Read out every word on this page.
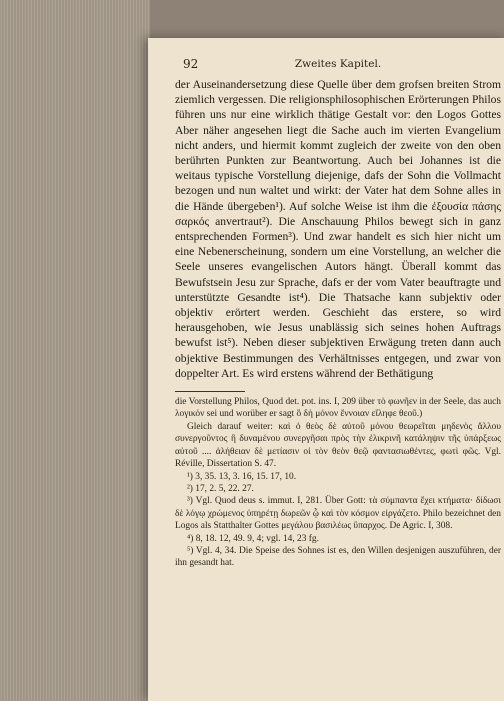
92	Zweites Kapitel.

der Auseinandersetzung diese Quelle über dem grofsen breiten Strom ziemlich vergessen. Die religionsphilosophischen Erörterungen Philos führen uns nur eine wirklich thätige Gestalt vor: den Logos Gottes Aber näher angesehen liegt die Sache auch im vierten Evangelium nicht anders, und hiermit kommt zugleich der zweite von den oben berührten Punkten zur Beantwortung. Auch bei Johannes ist die weitaus typische Vorstellung diejenige, dafs der Sohn die Vollmacht bezogen und nun waltet und wirkt: der Vater hat dem Sohne alles in die Hände übergeben¹). Auf solche Weise ist ihm die ἐξουσία πάσης σαρκός anvertraut²). Die Anschauung Philos bewegt sich in ganz entsprechenden Formen³). Und zwar handelt es sich hier nicht um eine Nebenerscheinung, sondern um eine Vorstellung, an welcher die Seele unseres evangelischen Autors hängt. Überall kommt das Bewufstsein Jesu zur Sprache, dafs er der vom Vater beauftragte und unterstützte Gesandte ist⁴). Die Thatsache kann subjektiv oder objektiv erörtert werden. Geschieht das erstere, so wird herausgehoben, wie Jesus unablässig sich seines hohen Auftrags bewufst ist⁵). Neben dieser subjektiven Erwägung treten dann auch objektive Bestimmungen des Verhältnisses entgegen, und zwar von doppelter Art. Es wird erstens während der Bethätigung

die Vorstellung Philos, Quod det. pot. ins. I, 209 über τὸ φωνῆεν in der Seele, das auch λογικόν sei und worüber er sagt ὃ δὴ μόνον ἔννοιαν εἴληφε θεοῦ.)

Gleich darauf weiter: καὶ ὁ θεὸς δὲ αὐτοῦ μόνου θεωρεῖται μηδενὸς ἄλλου συνεργοῦντος ἢ δυναμένου συνεργῆσαι πρὸς τὴν ἐλικρινῆ κατάληψιν τῆς ὑπάρξεως αὐτοῦ .... ἀλήθειαν δὲ μετίασιν οἱ τὸν θεὸν θεῷ φαντασιωθέντες, φωτὶ φῶς. Vgl. Réville, Dissertation S. 47.

¹) 3, 35. 13, 3. 16, 15. 17, 10.

²) 17, 2. 5, 22. 27.

³) Vgl. Quod deus s. immut. I, 281. Über Gott: τὰ σύμπαντα ἔχει κτήματα· δίδωσι δὲ λόγῳ χρώμενος ὑπηρέτῃ δωρεῶν ᾧ καὶ τὸν κόσμον εἰργάζετο. Philo bezeichnet den Logos als Statthalter Gottes μεγάλου βασιλέως ὕπαρχος. De Agric. I, 308.

⁴) 8, 18. 12, 49. 9, 4; vgl. 14, 23 fg.

⁵) Vgl. 4, 34. Die Speise des Sohnes ist es, den Willen desjenigen auszuführen, der ihn gesandt hat.
